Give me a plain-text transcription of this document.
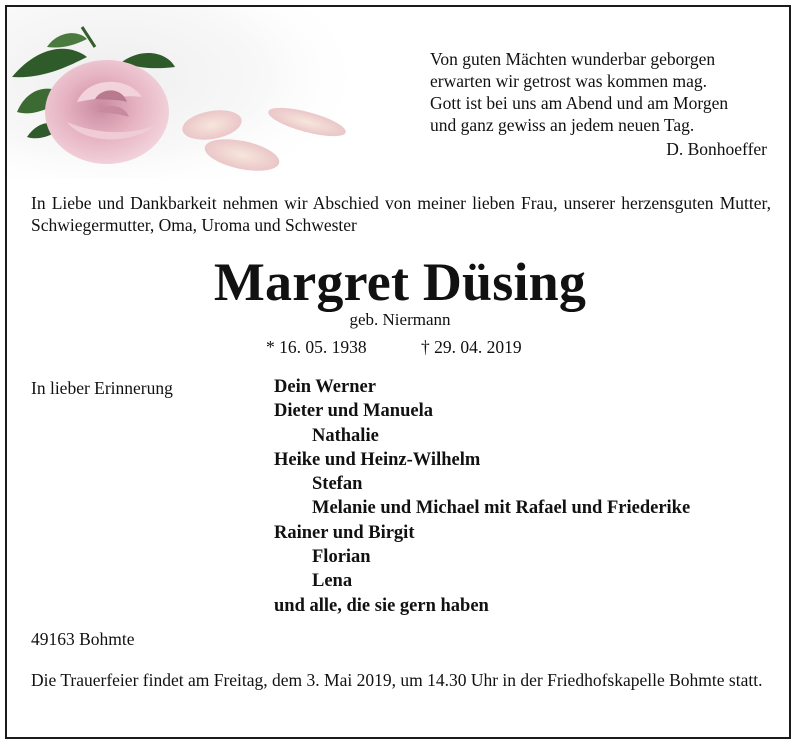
Von guten Mächten wunderbar geborgen
erwarten wir getrost was kommen mag.
Gott ist bei uns am Abend und am Morgen
und ganz gewiss an jedem neuen Tag.
D. Bonhoeffer
In Liebe und Dankbarkeit nehmen wir Abschied von meiner lieben Frau, unserer herzensguten Mutter, Schwiegermutter, Oma, Uroma und Schwester
Margret Düsing
geb. Niermann
* 16. 05. 1938	† 29. 04. 2019
In lieber Erinnerung	Dein Werner
Dieter und Manuela
Nathalie
Heike und Heinz-Wilhelm
Stefan
Melanie und Michael mit Rafael und Friederike
Rainer und Birgit
Florian
Lena
und alle, die sie gern haben
49163 Bohmte
Die Trauerfeier findet am Freitag, dem 3. Mai 2019, um 14.30 Uhr in der Friedhofskapelle Bohmte statt.
